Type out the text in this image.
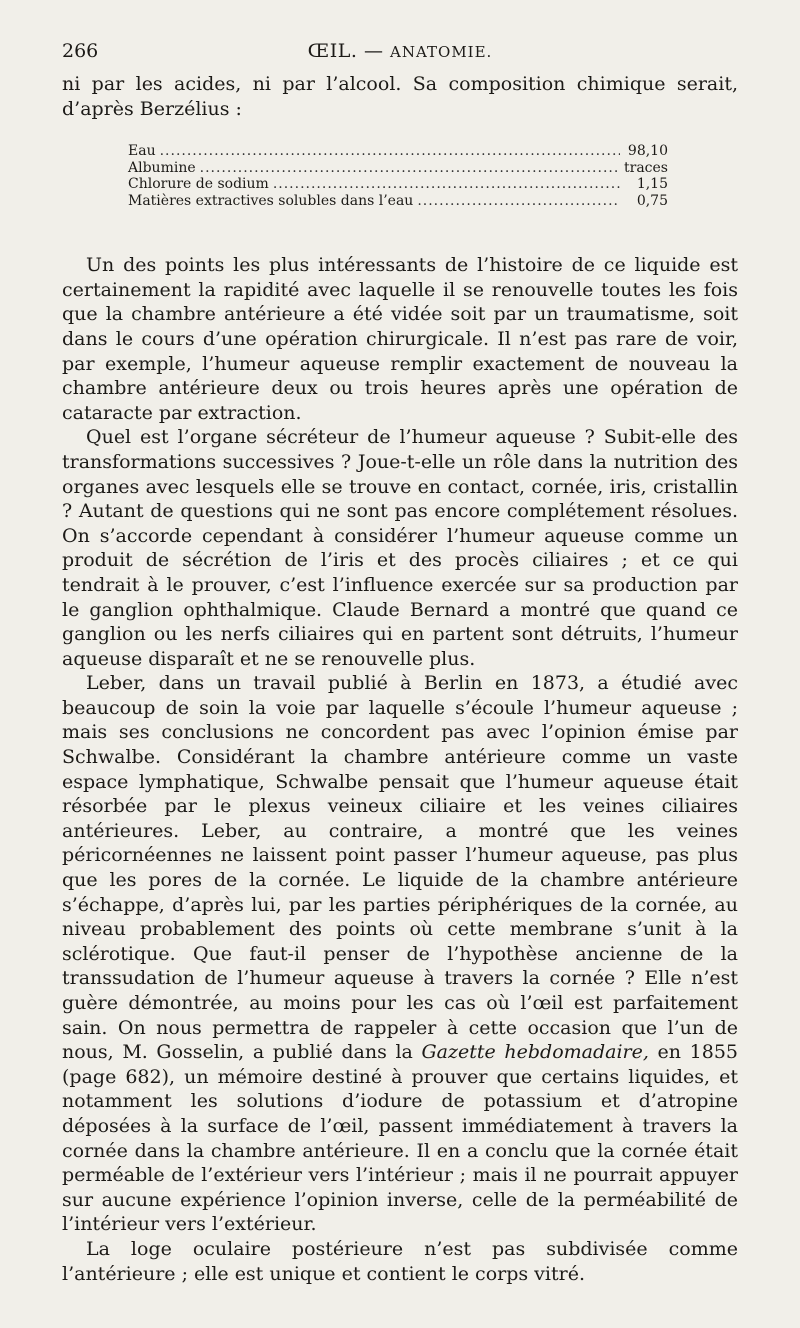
266	ŒIL. — ANATOMIE.

ni par les acides, ni par l’alcool. Sa composition chimique serait, d’après Berzélius :

Eau .....	98,10
Albumine .....	traces
Chlorure de sodium .....	1,15
Matières extractives solubles dans l’eau .....	0,75

Un des points les plus intéressants de l’histoire de ce liquide est certainement la rapidité avec laquelle il se renouvelle toutes les fois que la chambre antérieure a été vidée soit par un traumatisme, soit dans le cours d’une opération chirurgicale. Il n’est pas rare de voir, par exemple, l’humeur aqueuse remplir exactement de nouveau la chambre antérieure deux ou trois heures après une opération de cataracte par extraction.

Quel est l’organe sécréteur de l’humeur aqueuse ? Subit-elle des transformations successives ? Joue-t-elle un rôle dans la nutrition des organes avec lesquels elle se trouve en contact, cornée, iris, cristallin ? Autant de questions qui ne sont pas encore complétement résolues. On s’accorde cependant à considérer l’humeur aqueuse comme un produit de sécrétion de l’iris et des procès ciliaires ; et ce qui tendrait à le prouver, c’est l’influence exercée sur sa production par le ganglion ophthalmique. Claude Bernard a montré que quand ce ganglion ou les nerfs ciliaires qui en partent sont détruits, l’humeur aqueuse disparaît et ne se renouvelle plus.

Leber, dans un travail publié à Berlin en 1873, a étudié avec beaucoup de soin la voie par laquelle s’écoule l’humeur aqueuse ; mais ses conclusions ne concordent pas avec l’opinion émise par Schwalbe. Considérant la chambre antérieure comme un vaste espace lymphatique, Schwalbe pensait que l’humeur aqueuse était résorbée par le plexus veineux ciliaire et les veines ciliaires antérieures. Leber, au contraire, a montré que les veines péricornéennes ne laissent point passer l’humeur aqueuse, pas plus que les pores de la cornée. Le liquide de la chambre antérieure s’échappe, d’après lui, par les parties périphériques de la cornée, au niveau probablement des points où cette membrane s’unit à la sclérotique. Que faut-il penser de l’hypothèse ancienne de la transsudation de l’humeur aqueuse à travers la cornée ? Elle n’est guère démontrée, au moins pour les cas où l’œil est parfaitement sain. On nous permettra de rappeler à cette occasion que l’un de nous, M. Gosselin, a publié dans la Gazette hebdomadaire, en 1855 (page 682), un mémoire destiné à prouver que certains liquides, et notamment les solutions d’iodure de potassium et d’atropine déposées à la surface de l’œil, passent immédiatement à travers la cornée dans la chambre antérieure. Il en a conclu que la cornée était perméable de l’extérieur vers l’intérieur ; mais il ne pourrait appuyer sur aucune expérience l’opinion inverse, celle de la perméabilité de l’intérieur vers l’extérieur.

La loge oculaire postérieure n’est pas subdivisée comme l’antérieure ; elle est unique et contient le corps vitré.
